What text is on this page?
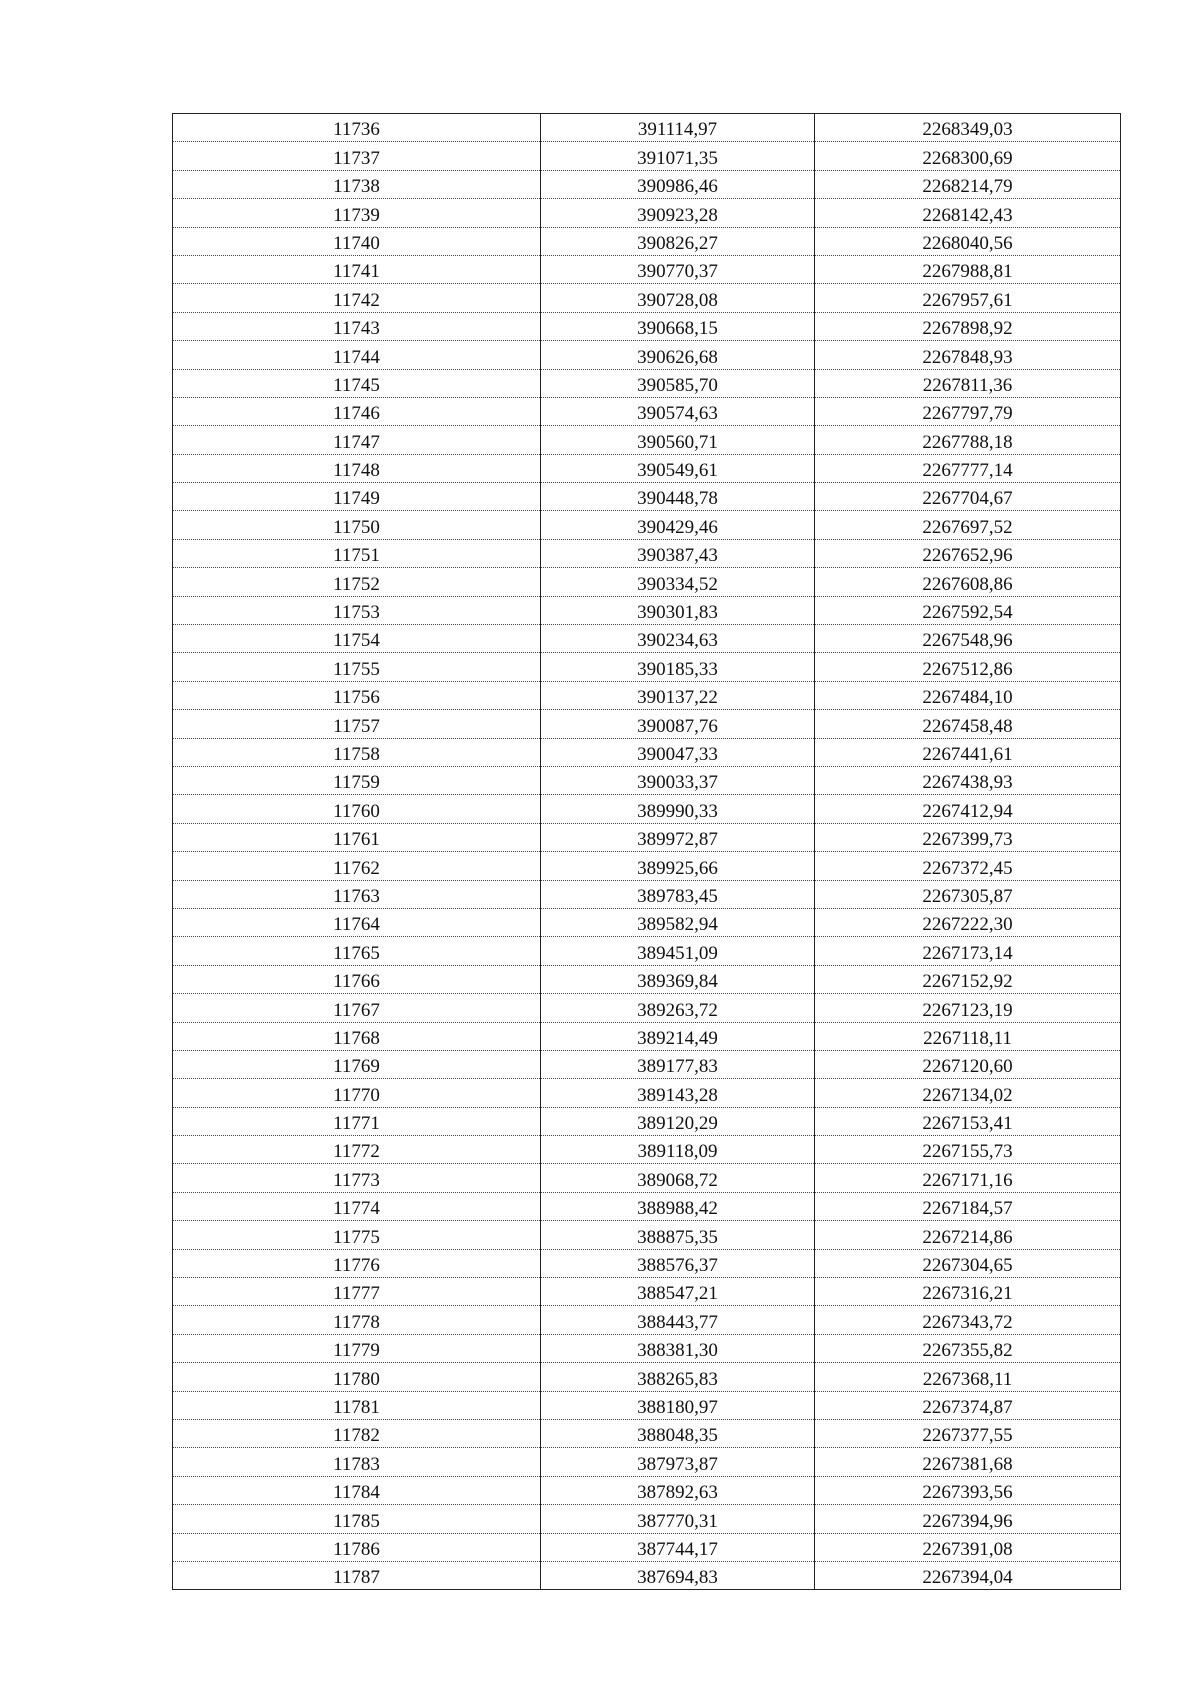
11736	391114,97	2268349,03
11737	391071,35	2268300,69
11738	390986,46	2268214,79
11739	390923,28	2268142,43
11740	390826,27	2268040,56
11741	390770,37	2267988,81
11742	390728,08	2267957,61
11743	390668,15	2267898,92
11744	390626,68	2267848,93
11745	390585,70	2267811,36
11746	390574,63	2267797,79
11747	390560,71	2267788,18
11748	390549,61	2267777,14
11749	390448,78	2267704,67
11750	390429,46	2267697,52
11751	390387,43	2267652,96
11752	390334,52	2267608,86
11753	390301,83	2267592,54
11754	390234,63	2267548,96
11755	390185,33	2267512,86
11756	390137,22	2267484,10
11757	390087,76	2267458,48
11758	390047,33	2267441,61
11759	390033,37	2267438,93
11760	389990,33	2267412,94
11761	389972,87	2267399,73
11762	389925,66	2267372,45
11763	389783,45	2267305,87
11764	389582,94	2267222,30
11765	389451,09	2267173,14
11766	389369,84	2267152,92
11767	389263,72	2267123,19
11768	389214,49	2267118,11
11769	389177,83	2267120,60
11770	389143,28	2267134,02
11771	389120,29	2267153,41
11772	389118,09	2267155,73
11773	389068,72	2267171,16
11774	388988,42	2267184,57
11775	388875,35	2267214,86
11776	388576,37	2267304,65
11777	388547,21	2267316,21
11778	388443,77	2267343,72
11779	388381,30	2267355,82
11780	388265,83	2267368,11
11781	388180,97	2267374,87
11782	388048,35	2267377,55
11783	387973,87	2267381,68
11784	387892,63	2267393,56
11785	387770,31	2267394,96
11786	387744,17	2267391,08
11787	387694,83	2267394,04
